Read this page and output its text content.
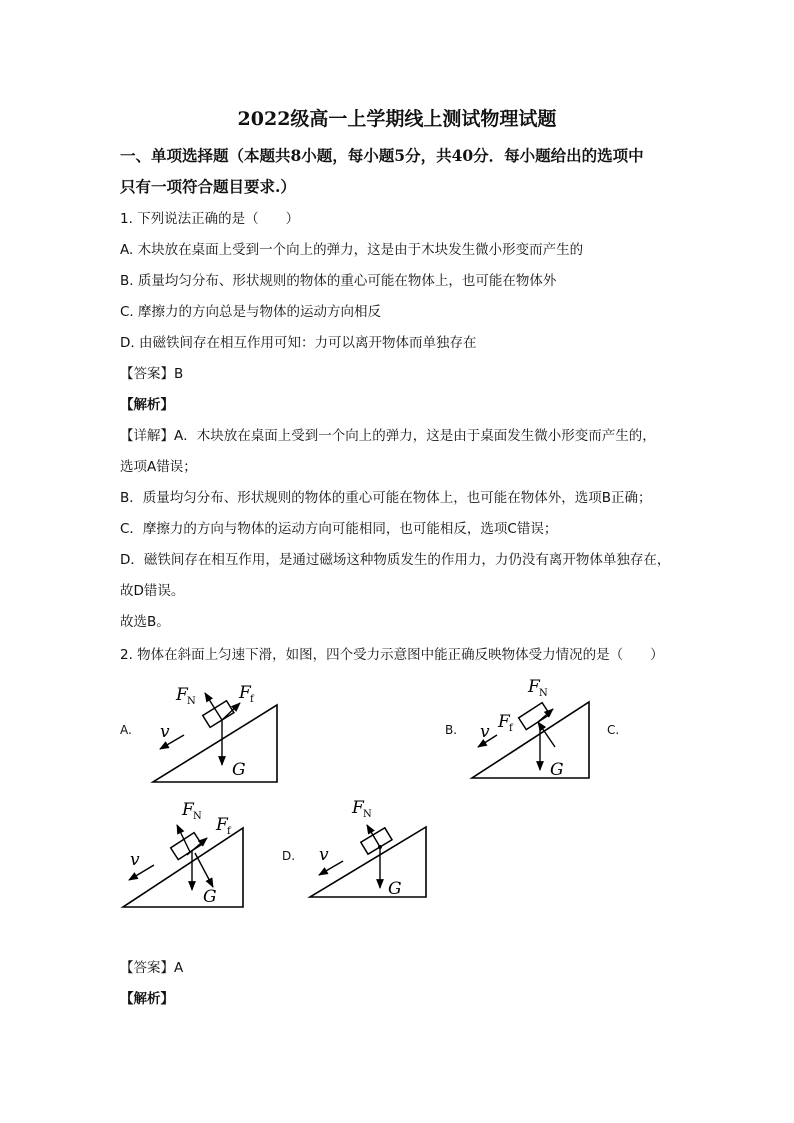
2022级高一上学期线上测试物理试题
一、单项选择题（本题共8小题，每小题5分，共40分．每小题给出的选项中
只有一项符合题目要求.）
1. 下列说法正确的是（　　）
A. 木块放在桌面上受到一个向上的弹力，这是由于木块发生微小形变而产生的
B. 质量均匀分布、形状规则的物体的重心可能在物体上，也可能在物体外
C. 摩擦力的方向总是与物体的运动方向相反
D. 由磁铁间存在相互作用可知：力可以离开物体而单独存在
【答案】B
【解析】
【详解】A．木块放在桌面上受到一个向上的弹力，这是由于桌面发生微小形变而产生的，
选项A错误；
B．质量均匀分布、形状规则的物体的重心可能在物体上，也可能在物体外，选项B正确；
C．摩擦力的方向与物体的运动方向可能相同，也可能相反，选项C错误；
D．磁铁间存在相互作用，是通过磁场这种物质发生的作用力，力仍没有离开物体单独存在，
故D错误。
故选B。
2. 物体在斜面上匀速下滑，如图，四个受力示意图中能正确反映物体受力情况的是（　　）
A.	B.	C.
D.
F N	F f
v
G
F N
F f
v
G
F N F f
v
G
F N
v
G
【答案】A
【解析】
